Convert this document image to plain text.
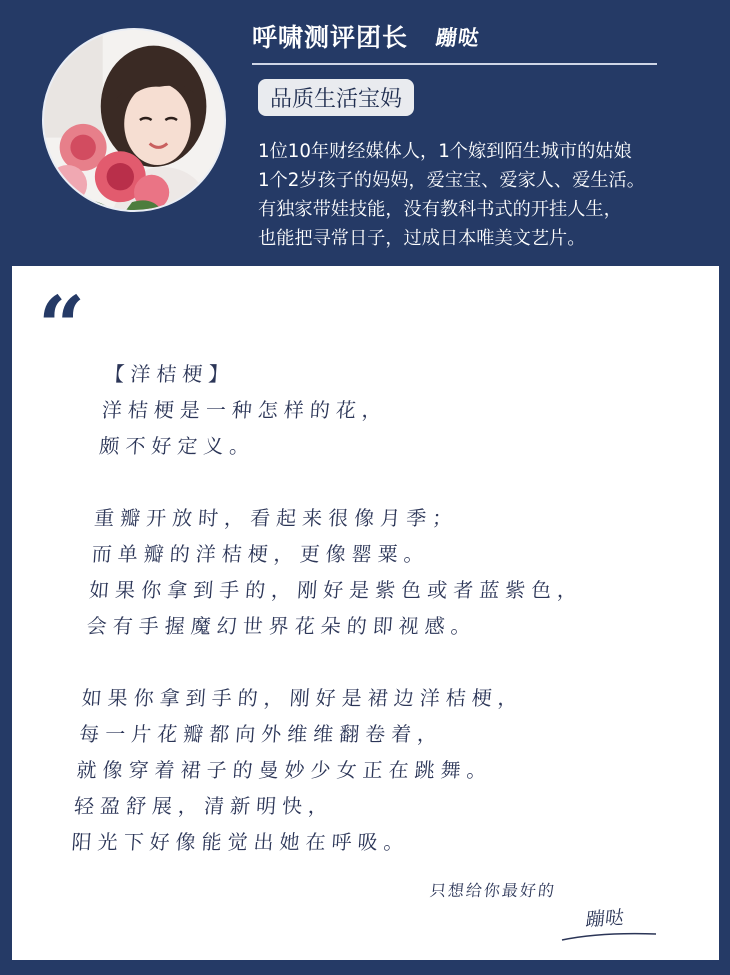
呼啸测评团长 蹦哒
品质生活宝妈
1位10年财经媒体人，1个嫁到陌生城市的姑娘
1个2岁孩子的妈妈，爱宝宝、爱家人、爱生活。
有独家带娃技能，没有教科书式的开挂人生，
也能把寻常日子，过成日本唯美文艺片。
“ 【洋桔梗】
洋桔梗是一种怎样的花，
颇不好定义。
重瓣开放时，看起来很像月季；
而单瓣的洋桔梗，更像罂粟。
如果你拿到手的，刚好是紫色或者蓝紫色，
会有手握魔幻世界花朵的即视感。
如果你拿到手的，刚好是裙边洋桔梗，
每一片花瓣都向外维维翻卷着，
就像穿着裙子的曼妙少女正在跳舞。
轻盈舒展，清新明快，
阳光下好像能觉出她在呼吸。
只想给你最好的
蹦哒
